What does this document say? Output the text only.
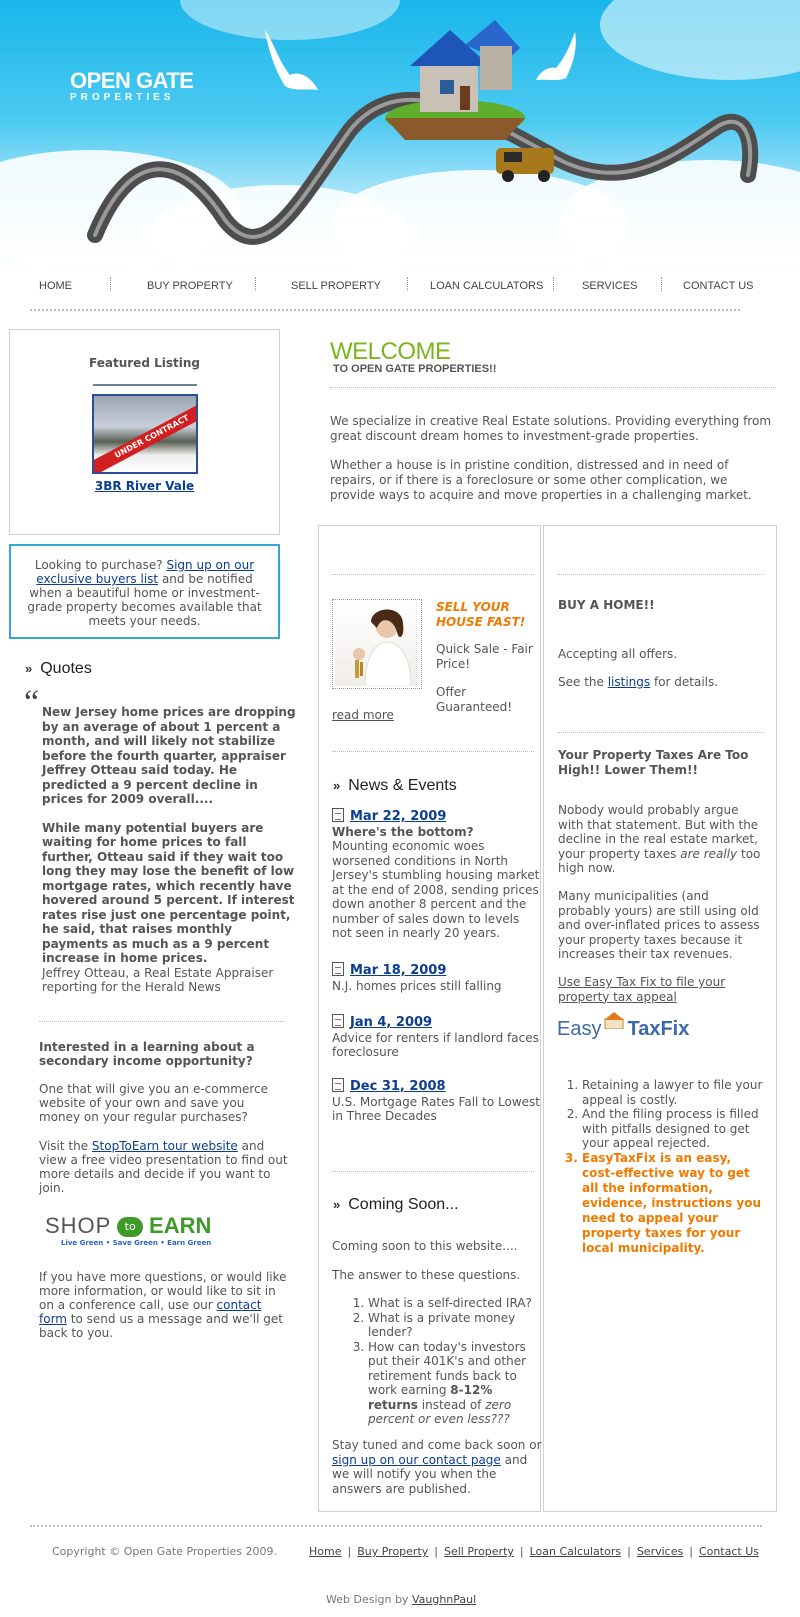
OPEN GATE
PROPERTIES
HOME	BUY PROPERTY	SELL PROPERTY	LOAN CALCULATORS	SERVICES	CONTACT US
Featured Listing
UNDER CONTRACT
3BR River Vale
Looking to purchase? Sign up on our exclusive buyers list and be notified when a beautiful home or investment-grade property becomes available that meets your needs.
» Quotes
“ New Jersey home prices are dropping by an average of about 1 percent a month, and will likely not stabilize before the fourth quarter, appraiser Jeffrey Otteau said today. He predicted a 9 percent decline in prices for 2009 overall....

While many potential buyers are waiting for home prices to fall further, Otteau said if they wait too long they may lose the benefit of low mortgage rates, which recently have hovered around 5 percent. If interest rates rise just one percentage point, he said, that raises monthly payments as much as a 9 percent increase in home prices.

Jeffrey Otteau, a Real Estate Appraiser reporting for the Herald News
Interested in a learning about a secondary income opportunity?
One that will give you an e-commerce website of your own and save you money on your regular purchases?
Visit the StopToEarn tour website and view a free video presentation to find out more details and decide if you want to join.
SHOP to EARN
Live Green • Save Green • Earn Green
If you have more questions, or would like more information, or would like to sit in on a conference call, use our contact form to send us a message and we'll get back to you.
WELCOME
TO OPEN GATE PROPERTIES!!

We specialize in creative Real Estate solutions. Providing everything from great discount dream homes to investment-grade properties.

Whether a house is in pristine condition, distressed and in need of repairs, or if there is a foreclosure or some other complication, we provide ways to acquire and move properties in a challenging market.

SELL YOUR HOUSE FAST!
Quick Sale - Fair Price!
Offer Guaranteed!
read more
» News & Events
Mar 22, 2009
Where's the bottom?
Mounting economic woes worsened conditions in North Jersey's stumbling housing market at the end of 2008, sending prices down another 8 percent and the number of sales down to levels not seen in nearly 20 years.
Mar 18, 2009
N.J. homes prices still falling
Jan 4, 2009
Advice for renters if landlord faces foreclosure
Dec 31, 2008
U.S. Mortgage Rates Fall to Lowest in Three Decades
» Coming Soon...
Coming soon to this website....
The answer to these questions.
1. What is a self-directed IRA?
2. What is a private money lender?
3. How can today's investors put their 401K's and other retirement funds back to work earning 8-12% returns instead of zero percent or even less???
Stay tuned and come back soon or sign up on our contact page and we will notify you when the answers are published.
BUY A HOME!!
Accepting all offers.
See the listings for details.
Your Property Taxes Are Too High!! Lower Them!!
Nobody would probably argue with that statement. But with the decline in the real estate market, your property taxes are really too high now.
Many municipalities (and probably yours) are still using old and over-inflated prices to assess your property taxes because it increases their tax revenues.
Use Easy Tax Fix to file your property tax appeal
Easy TaxFix
1. Retaining a lawyer to file your appeal is costly.
2. And the filing process is filled with pitfalls designed to get your appeal rejected.
3. EasyTaxFix is an easy, cost-effective way to get all the information, evidence, instructions you need to appeal your property taxes for your local municipality.
Copyright © Open Gate Properties 2009.	Home | Buy Property | Sell Property | Loan Calculators | Services | Contact Us
Web Design by VaughnPaul
